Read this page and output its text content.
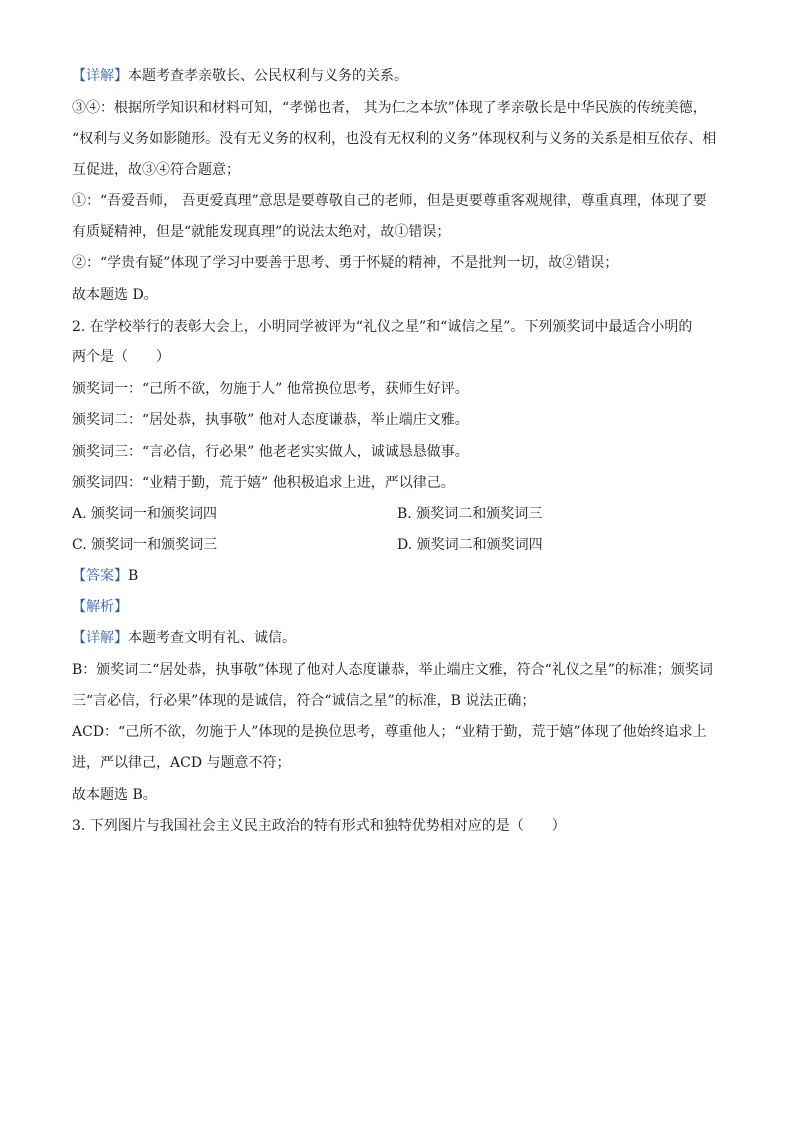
【详解】本题考查孝亲敬长、公民权利与义务的关系。
③④：根据所学知识和材料可知，“孝悌也者， 其为仁之本欤”体现了孝亲敬长是中华民族的传统美德，
“权利与义务如影随形。没有无义务的权利，也没有无权利的义务”体现权利与义务的关系是相互依存、相
互促进，故③④符合题意；
①：“吾爱吾师， 吾更爱真理”意思是要尊敬自己的老师，但是更要尊重客观规律，尊重真理，体现了要
有质疑精神，但是“就能发现真理”的说法太绝对，故①错误；
②：“学贵有疑”体现了学习中要善于思考、勇于怀疑的精神，不是批判一切，故②错误；
故本题选 D。
2. 在学校举行的表彰大会上，小明同学被评为“礼仪之星”和“诚信之星”。下列颁奖词中最适合小明的
两个是（　　）
颁奖词一：“己所不欲，勿施于人” 他常换位思考，获师生好评。
颁奖词二：“居处恭，执事敬” 他对人态度谦恭，举止端庄文雅。
颁奖词三：“言必信，行必果” 他老老实实做人，诚诚恳恳做事。
颁奖词四：“业精于勤，荒于嬉” 他积极追求上进，严以律己。
A. 颁奖词一和颁奖词四	B. 颁奖词二和颁奖词三
C. 颁奖词一和颁奖词三	D. 颁奖词二和颁奖词四
【答案】B
【解析】
【详解】本题考查文明有礼、诚信。
B：颁奖词二“居处恭，执事敬”体现了他对人态度谦恭，举止端庄文雅，符合“礼仪之星”的标准；颁奖词
三“言必信，行必果”体现的是诚信，符合“诚信之星”的标准，B 说法正确；
ACD：“己所不欲，勿施于人”体现的是换位思考，尊重他人；“业精于勤，荒于嬉”体现了他始终追求上
进，严以律己，ACD 与题意不符；
故本题选 B。
3. 下列图片与我国社会主义民主政治的特有形式和独特优势相对应的是（　　）
